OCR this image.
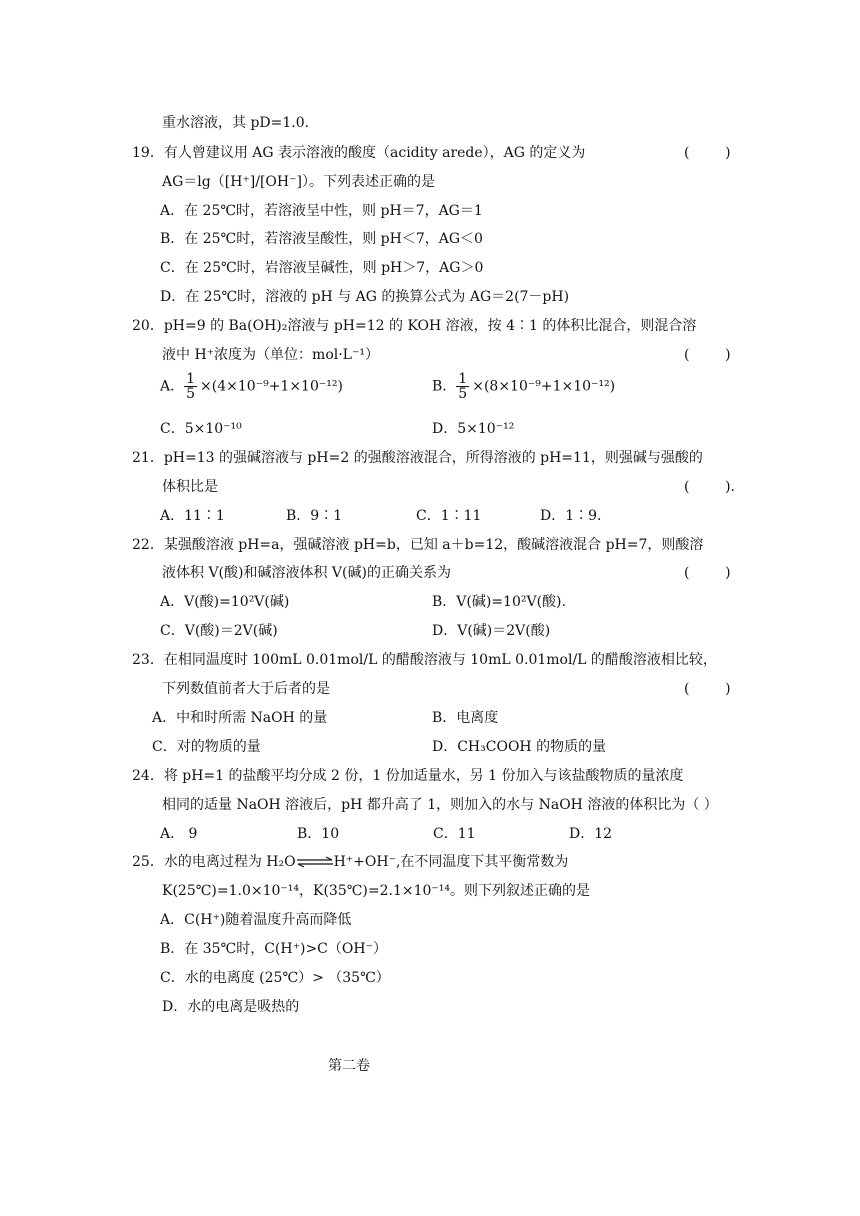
重水溶液，其 pD=1.0.
19．有人曾建议用 AG 表示溶液的酸度（acidity arede），AG 的定义为	(        )
AG＝lg（[H⁺]/[OH⁻]）。下列表述正确的是
A．在 25℃时，若溶液呈中性，则 pH＝7，AG＝1
B．在 25℃时，若溶液呈酸性，则 pH＜7，AG＜0
C．在 25℃时，岩溶液呈碱性，则 pH＞7，AG＞0
D．在 25℃时，溶液的 pH 与 AG 的换算公式为 AG＝2(7－pH)
20．pH=9 的 Ba(OH)₂溶液与 pH=12 的 KOH 溶液，按 4∶1 的体积比混合，则混合溶
液中 H⁺浓度为（单位：mol·L⁻¹）	(        )
A． $\frac{1}{5} \times(4\times 10^{-9}+1\times 10^{-12})$	B． $\frac{1}{5} \times(8\times 10^{-9}+1\times 10^{-12})$
C．5×10⁻¹⁰	D．5×10⁻¹²
21．pH=13 的强碱溶液与 pH=2 的强酸溶液混合，所得溶液的 pH=11，则强碱与强酸的
体积比是	(        ).
A．11∶1	B．9∶1	C．1∶11	D．1∶9.
22．某强酸溶液 pH=a，强碱溶液 pH=b，已知 a＋b=12，酸碱溶液混合 pH=7，则酸溶
液体积 V(酸)和碱溶液体积 V(碱)的正确关系为	(        )
A．V(酸)=10²V(碱)	B．V(碱)=10²V(酸).
C．V(酸)＝2V(碱)	D．V(碱)＝2V(酸)
23．在相同温度时 100mL 0.01mol/L 的醋酸溶液与 10mL 0.01mol/L 的醋酸溶液相比较，
下列数值前者大于后者的是	(        )
A．中和时所需 NaOH 的量	B．电离度
C．对的物质的量	D．CH₃COOH 的物质的量
24．将 pH=1 的盐酸平均分成 2 份，1 份加适量水，另 1 份加入与该盐酸物质的量浓度
相同的适量 NaOH 溶液后，pH 都升高了 1，则加入的水与 NaOH 溶液的体积比为（ ）
A． 9	B．10	C．11	D．12
25．水的电离过程为 H₂O⇌H⁺+OH⁻,在不同温度下其平衡常数为
K(25℃)=1.0×10⁻¹⁴，K(35℃)=2.1×10⁻¹⁴。则下列叙述正确的是
A．C(H⁺)随着温度升高而降低
B．在 35℃时，C(H⁺)>C（OH⁻）
C．水的电离度 (25℃）> （35℃）
D．水的电离是吸热的
第二卷
